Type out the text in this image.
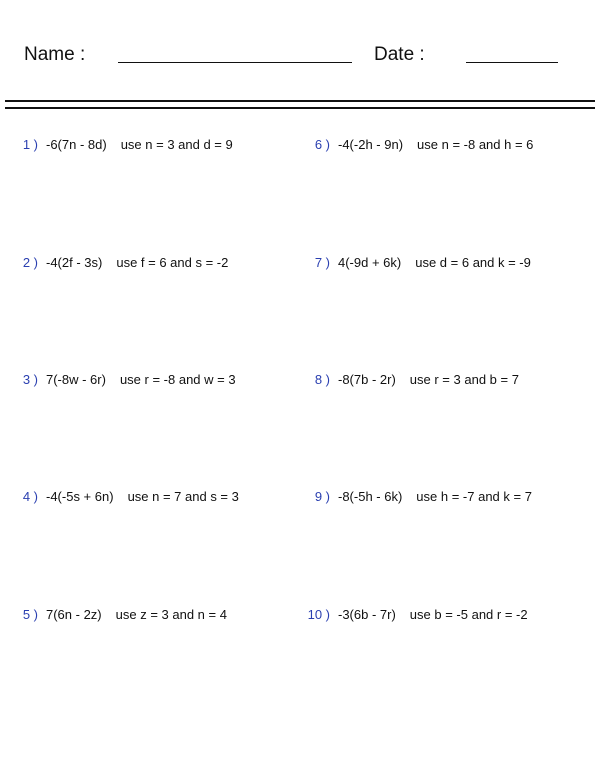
Name :	Date :
1 ) -6(7n - 8d) use n = 3 and d = 9
2 ) -4(2f - 3s) use f = 6 and s = -2
3 ) 7(-8w - 6r) use r = -8 and w = 3
4 ) -4(-5s + 6n) use n = 7 and s = 3
5 ) 7(6n - 2z) use z = 3 and n = 4
6 ) -4(-2h - 9n) use n = -8 and h = 6
7 ) 4(-9d + 6k) use d = 6 and k = -9
8 ) -8(7b - 2r) use r = 3 and b = 7
9 ) -8(-5h - 6k) use h = -7 and k = 7
10 ) -3(6b - 7r) use b = -5 and r = -2
